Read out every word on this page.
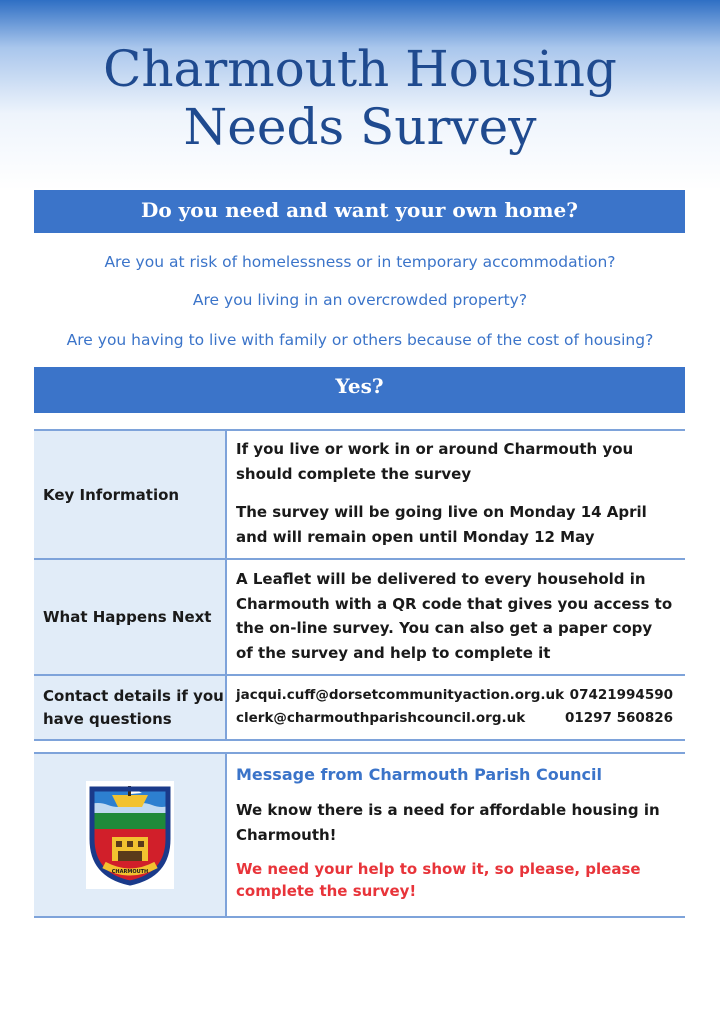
Charmouth Housing
Needs Survey
Do you need and want your own home?

Are you at risk of homelessness or in temporary accommodation?

Are you living in an overcrowded property?

Are you having to live with family or others because of the cost of housing?

Yes?
Key Information

If you live or work in or around Charmouth you should complete the survey

The survey will be going live on Monday 14 April and will remain open until Monday 12 May

What Happens Next

A Leaflet will be delivered to every household in Charmouth with a QR code that gives you access to the on-line survey. You can also get a paper copy of the survey and help to complete it

Contact details if you have questions
jacqui.cuff@dorsetcommunityaction.org.uk 07421994590
clerk@charmouthparishcouncil.org.uk	01297 560826
CHARMOUTH

Message from Charmouth Parish Council

We know there is a need for affordable housing in Charmouth!

We need your help to show it, so please, please complete the survey!
